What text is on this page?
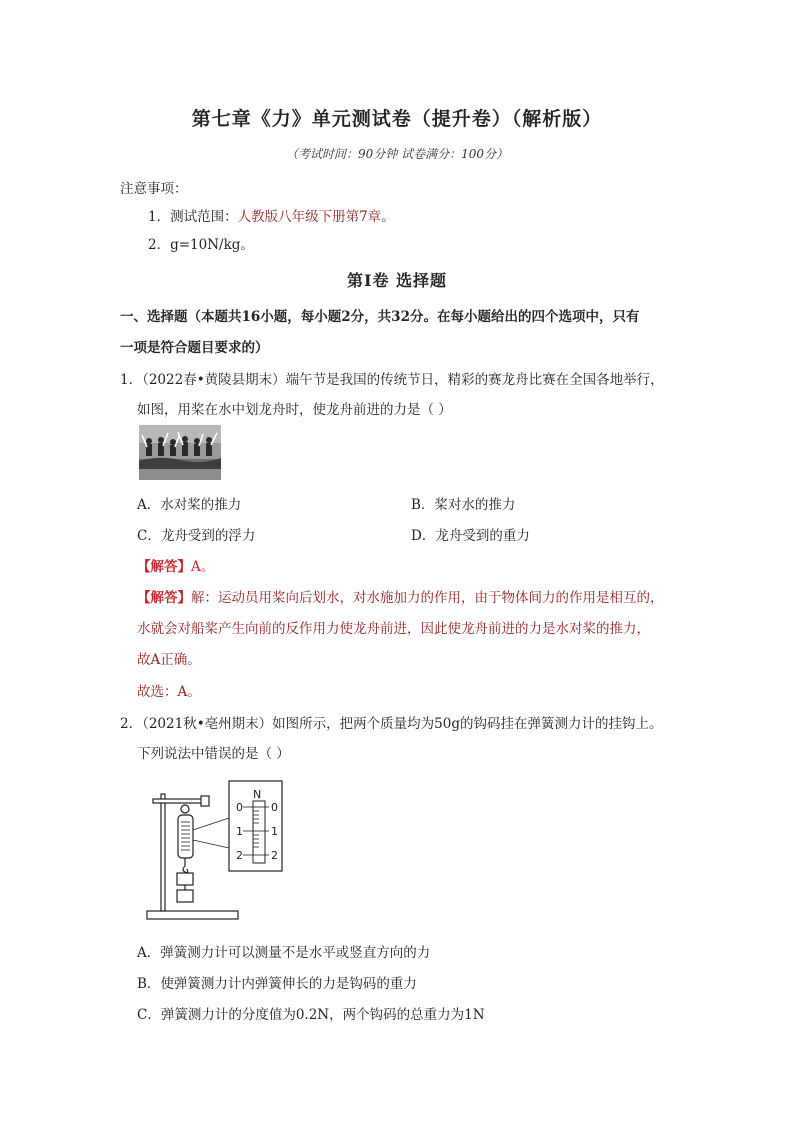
第七章《力》单元测试卷（提升卷）（解析版）
（考试时间：90分钟 试卷满分：100分）
注意事项：
1．测试范围：人教版八年级下册第7章。
2．g=10N/kg。
第Ⅰ卷 选择题
一、选择题（本题共16小题，每小题2分，共32分。在每小题给出的四个选项中，只有
一项是符合题目要求的）
1．（2022春•黄陵县期末）端午节是我国的传统节日，精彩的赛龙舟比赛在全国各地举行，
如图，用桨在水中划龙舟时，使龙舟前进的力是（ ）
A．水对桨的推力	B．桨对水的推力
C．龙舟受到的浮力	D．龙舟受到的重力
【解答】A。
【解答】解：运动员用桨向后划水，对水施加力的作用，由于物体间力的作用是相互的，
水就会对船桨产生向前的反作用力使龙舟前进，因此使龙舟前进的力是水对桨的推力，
故A正确。
故选：A。
2．（2021秋•亳州期末）如图所示，把两个质量均为50g的钩码挂在弹簧测力计的挂钩上。
下列说法中错误的是（ ）
N
0
1
2
0
1
2
A．弹簧测力计可以测量不是水平或竖直方向的力
B．使弹簧测力计内弹簧伸长的力是钩码的重力
C．弹簧测力计的分度值为0.2N，两个钩码的总重力为1N
